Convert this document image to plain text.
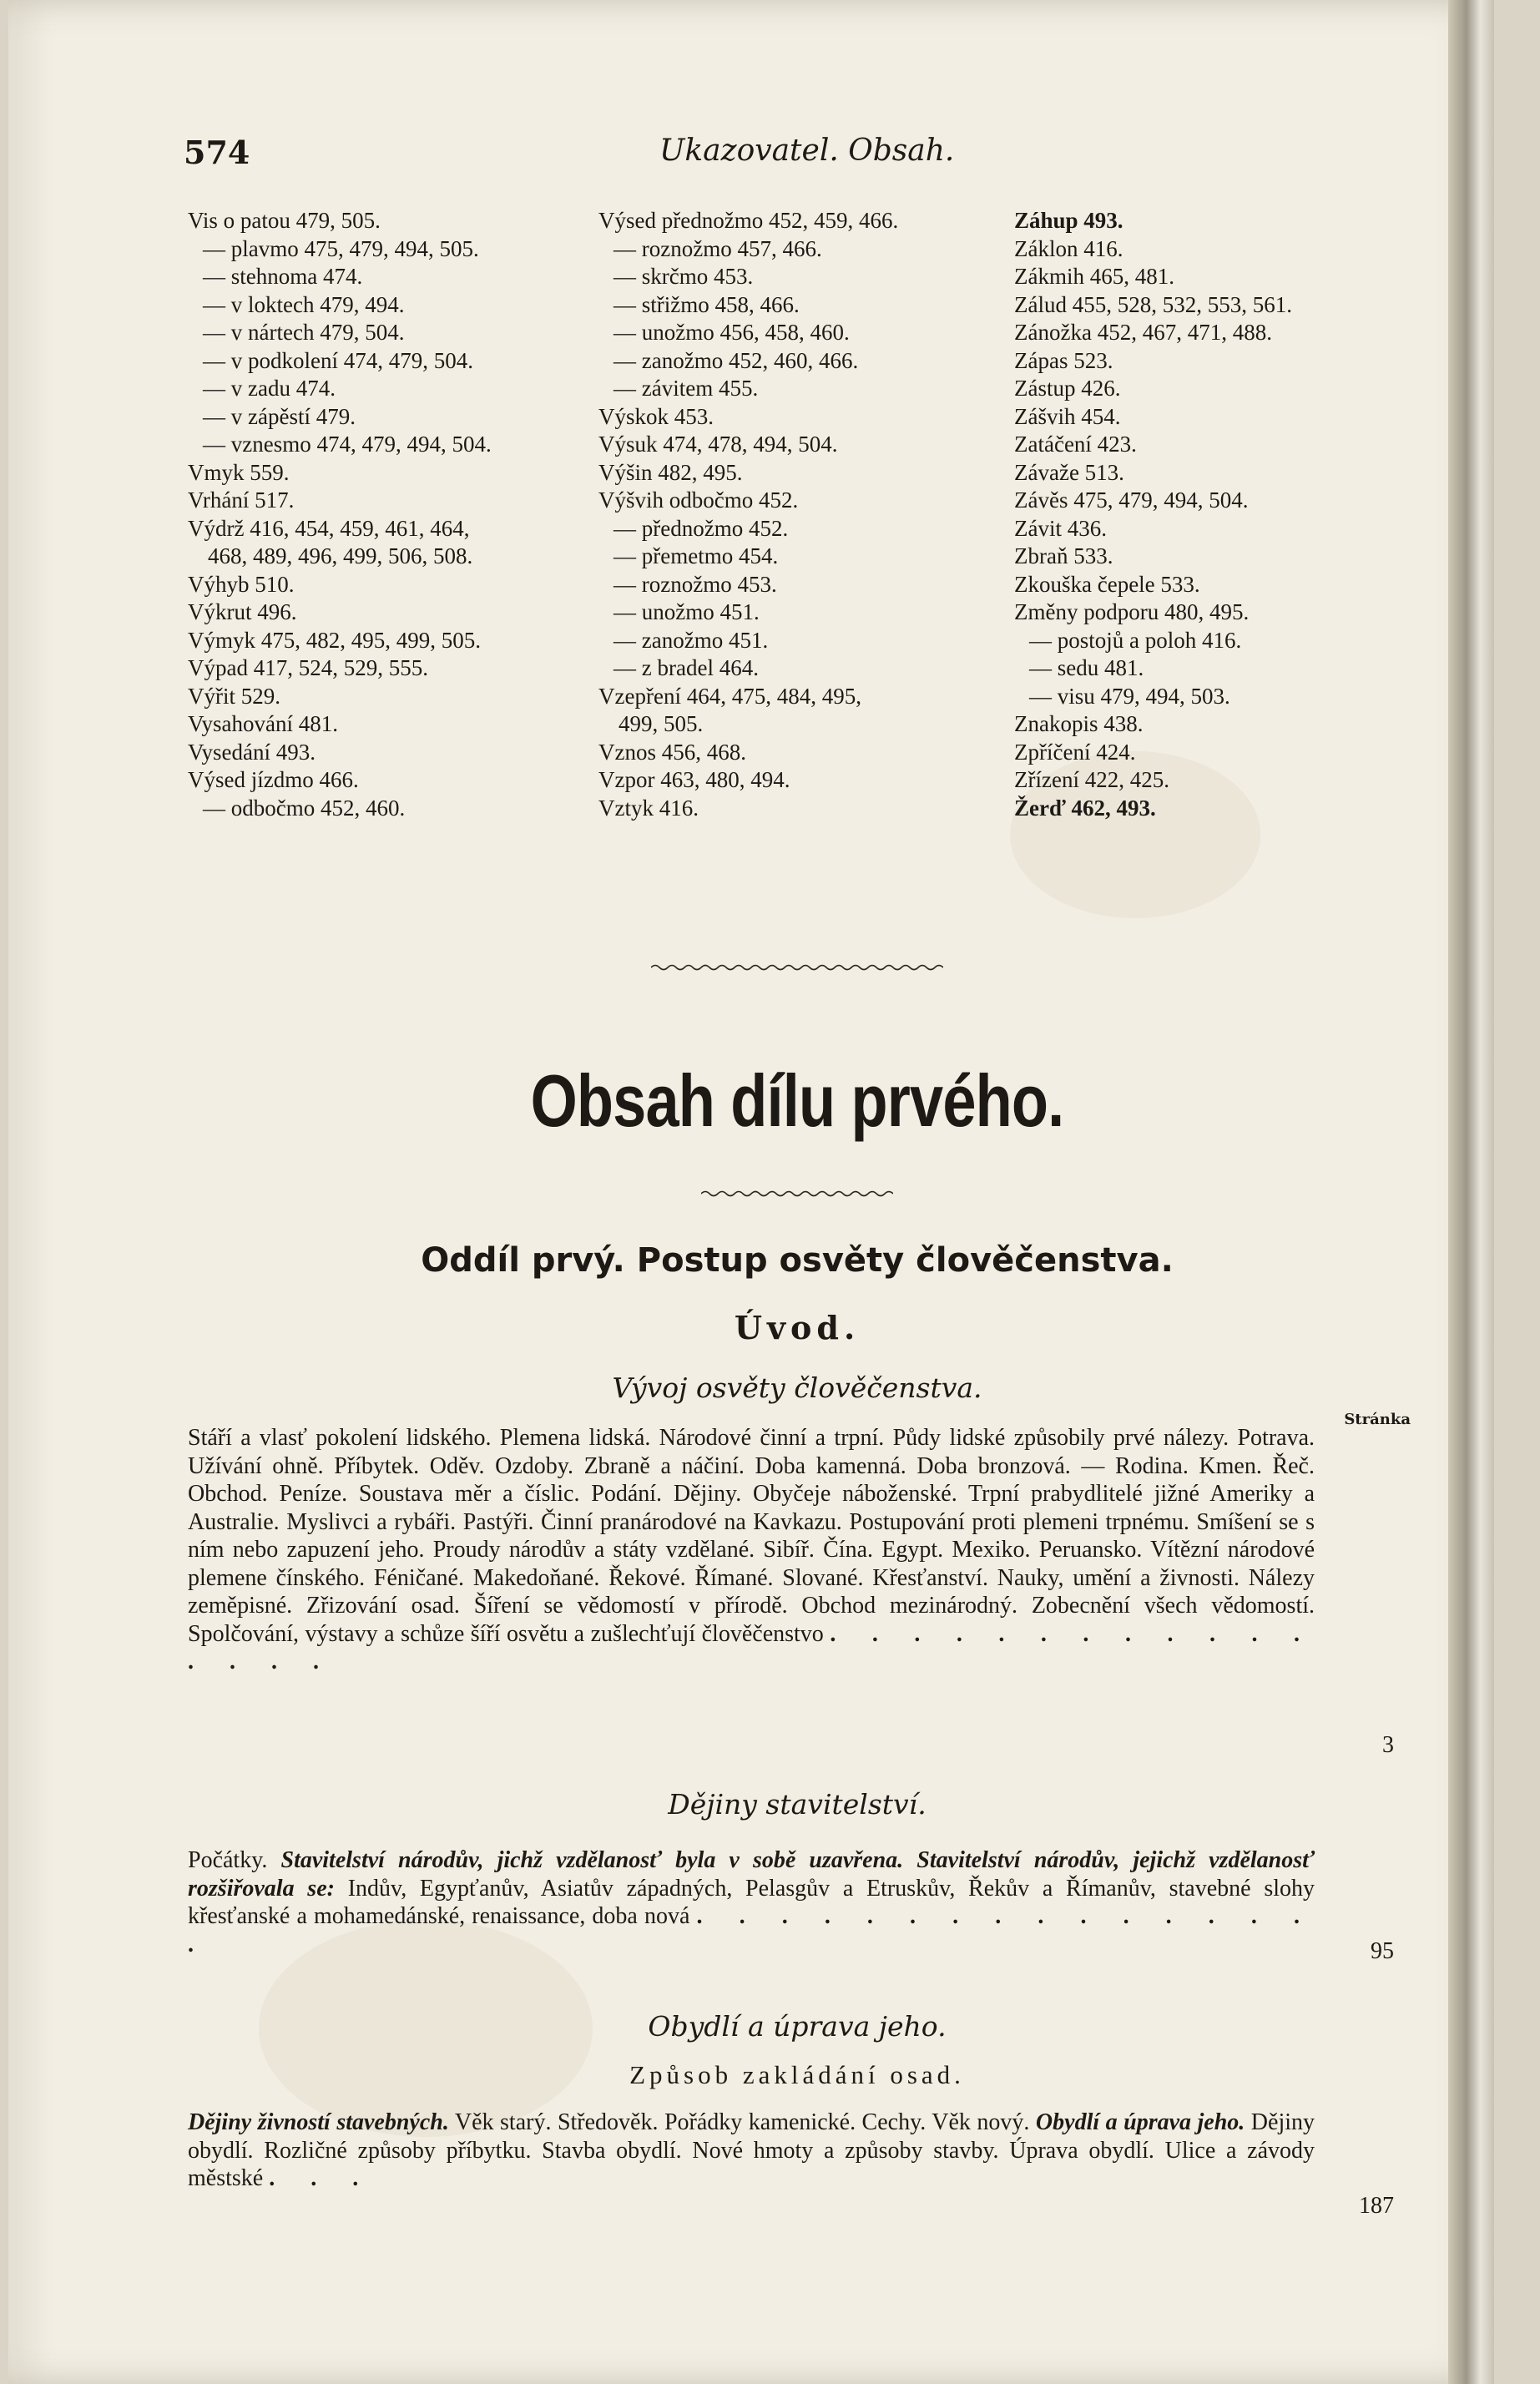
574	Ukazovatel. Obsah.
Vis o patou 479, 505.
— plavmo 475, 479, 494, 505.
— stehnoma 474.
— v loktech 479, 494.
— v nártech 479, 504.
— v podkolení 474, 479, 504.
— v zadu 474.
— v zápěstí 479.
— vznesmo 474, 479, 494, 504.
Vmyk 559.
Vrhání 517.
Výdrž 416, 454, 459, 461, 464,
468, 489, 496, 499, 506, 508.
Výhyb 510.
Výkrut 496.
Výmyk 475, 482, 495, 499, 505.
Výpad 417, 524, 529, 555.
Výřit 529.
Vysahování 481.
Vysedání 493.
Výsed jízdmo 466.
— odbočmo 452, 460.
Výsed přednožmo 452, 459, 466.
— roznožmo 457, 466.
— skrčmo 453.
— střižmo 458, 466.
— unožmo 456, 458, 460.
— zanožmo 452, 460, 466.
— závitem 455.
Výskok 453.
Výsuk 474, 478, 494, 504.
Výšin 482, 495.
Výšvih odbočmo 452.
— přednožmo 452.
— přemetmo 454.
— roznožmo 453.
— unožmo 451.
— zanožmo 451.
— z bradel 464.
Vzepření 464, 475, 484, 495,
499, 505.
Vznos 456, 468.
Vzpor 463, 480, 494.
Vztyk 416.
Záhup 493.
Záklon 416.
Zákmih 465, 481.
Zálud 455, 528, 532, 553, 561.
Zánožka 452, 467, 471, 488.
Zápas 523.
Zástup 426.
Zášvih 454.
Zatáčení 423.
Závaže 513.
Závěs 475, 479, 494, 504.
Závit 436.
Zbraň 533.
Zkouška čepele 533.
Změny podporu 480, 495.
— postojů a poloh 416.
— sedu 481.
— visu 479, 494, 503.
Znakopis 438.
Zpříčení 424.
Zřízení 422, 425.
Žerď 462, 493.
Obsah dílu prvého.
Oddíl prvý. Postup osvěty člověčenstva.
Úvod.
Vývoj osvěty člověčenstva.
Stránka
Stáří a vlasť pokolení lidského. Plemena lidská. Národové činní a trpní. Půdy lidské způsobily prvé nálezy. Potrava. Užívání ohně. Příbytek. Oděv. Ozdoby. Zbraně a náčiní. Doba kamenná. Doba bronzová. — Rodina. Kmen. Řeč. Obchod. Peníze. Soustava měr a číslic. Podání. Dějiny. Obyčeje náboženské. Trpní prabydlitelé jižné Ameriky a Australie. Myslivci a rybáři. Pastýři. Činní pranárodové na Kavkazu. Postupování proti plemeni trpnému. Smíšení se s ním nebo zapuzení jeho. Proudy národův a státy vzdělané. Sibíř. Čína. Egypt. Mexiko. Peruansko. Vítězní národové plemene čínského. Féničané. Makedoňané. Řekové. Římané. Slované. Křesťanství. Nauky, umění a živnosti. Nálezy zeměpisné. Zřizování osad. Šíření se vědomostí v přírodě. Obchod mezinárodný. Zobecnění všech vědomostí. Spolčování, výstavy a schůze šíří osvětu a zušlechťují člověčenstvo . . . . . . . . . . . . . . . .
3
Dějiny stavitelství.
Počátky. Stavitelství národův, jichž vzdělanosť byla v sobě uzavřena. Stavitelství národův, jejichž vzdělanosť rozšiřovala se: Indův, Egypťanův, Asiatův západných, Pelasgův a Etruskův, Řekův a Římanův, stavebné slohy křesťanské a mohamedánské, renaissance, doba nová . . . . . . . . . . . . . . . .	95
Obydlí a úprava jeho.
Způsob zakládání osad.
Dějiny živností stavebných. Věk starý. Středověk. Pořádky kamenické. Cechy. Věk nový. Obydlí a úprava jeho. Dějiny obydlí. Rozličné způsoby příbytku. Stavba obydlí. Nové hmoty a způsoby stavby. Úprava obydlí. Ulice a závody městské . . .
187
